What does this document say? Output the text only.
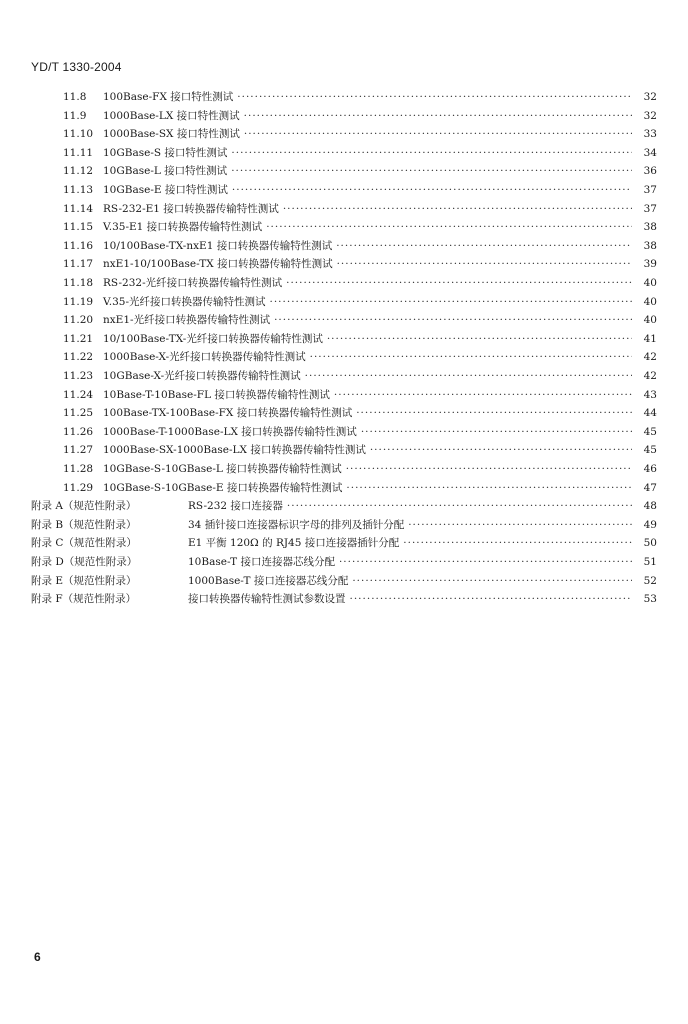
YD/T 1330-2004
11.8	100Base-FX 接口特性测试 ·····	32
11.9	1000Base-LX 接口特性测试 ·····	32
11.10 1000Base-SX 接口特性测试 ·····	33
11.11 10GBase-S 接口特性测试 ·····	34
11.12 10GBase-L 接口特性测试 ·····	36
11.13 10GBase-E 接口特性测试 ·····	37
11.14 RS-232-E1 接口转换器传输特性测试 ·····	37
11.15 V.35-E1 接口转换器传输特性测试 ·····	38
11.16 10/100Base-TX-nxE1 接口转换器传输特性测试 ·····	38
11.17 nxE1-10/100Base-TX 接口转换器传输特性测试 ·····	39
11.18 RS-232-光纤接口转换器传输特性测试 ·····	40
11.19 V.35-光纤接口转换器传输特性测试 ·····	40
11.20 nxE1-光纤接口转换器传输特性测试 ·····	40
11.21 10/100Base-TX-光纤接口转换器传输特性测试 ·····	41
11.22 1000Base-X-光纤接口转换器传输特性测试 ·····	42
11.23 10GBase-X-光纤接口转换器传输特性测试 ·····	42
11.24 10Base-T-10Base-FL 接口转换器传输特性测试 ·····	43
11.25 100Base-TX-100Base-FX 接口转换器传输特性测试 ·····	44
11.26 1000Base-T-1000Base-LX 接口转换器传输特性测试 ·····	45
11.27 1000Base-SX-1000Base-LX 接口转换器传输特性测试 ·····	45
11.28 10GBase-S-10GBase-L 接口转换器传输特性测试 ·····	46
11.29 10GBase-S-10GBase-E 接口转换器传输特性测试 ·····	47
附录 A（规范性附录）	RS-232 接口连接器 ·····	48
附录 B（规范性附录）	34 插针接口连接器标识字母的排列及插针分配 ·····	49
附录 C（规范性附录）	E1 平衡 120Ω 的 RJ45 接口连接器插针分配 ·····	50
附录 D（规范性附录）	10Base-T 接口连接器芯线分配 ·····	51
附录 E（规范性附录）	1000Base-T 接口连接器芯线分配 ·····	52
附录 F（规范性附录）	接口转换器传输特性测试参数设置 ·····	53
6
